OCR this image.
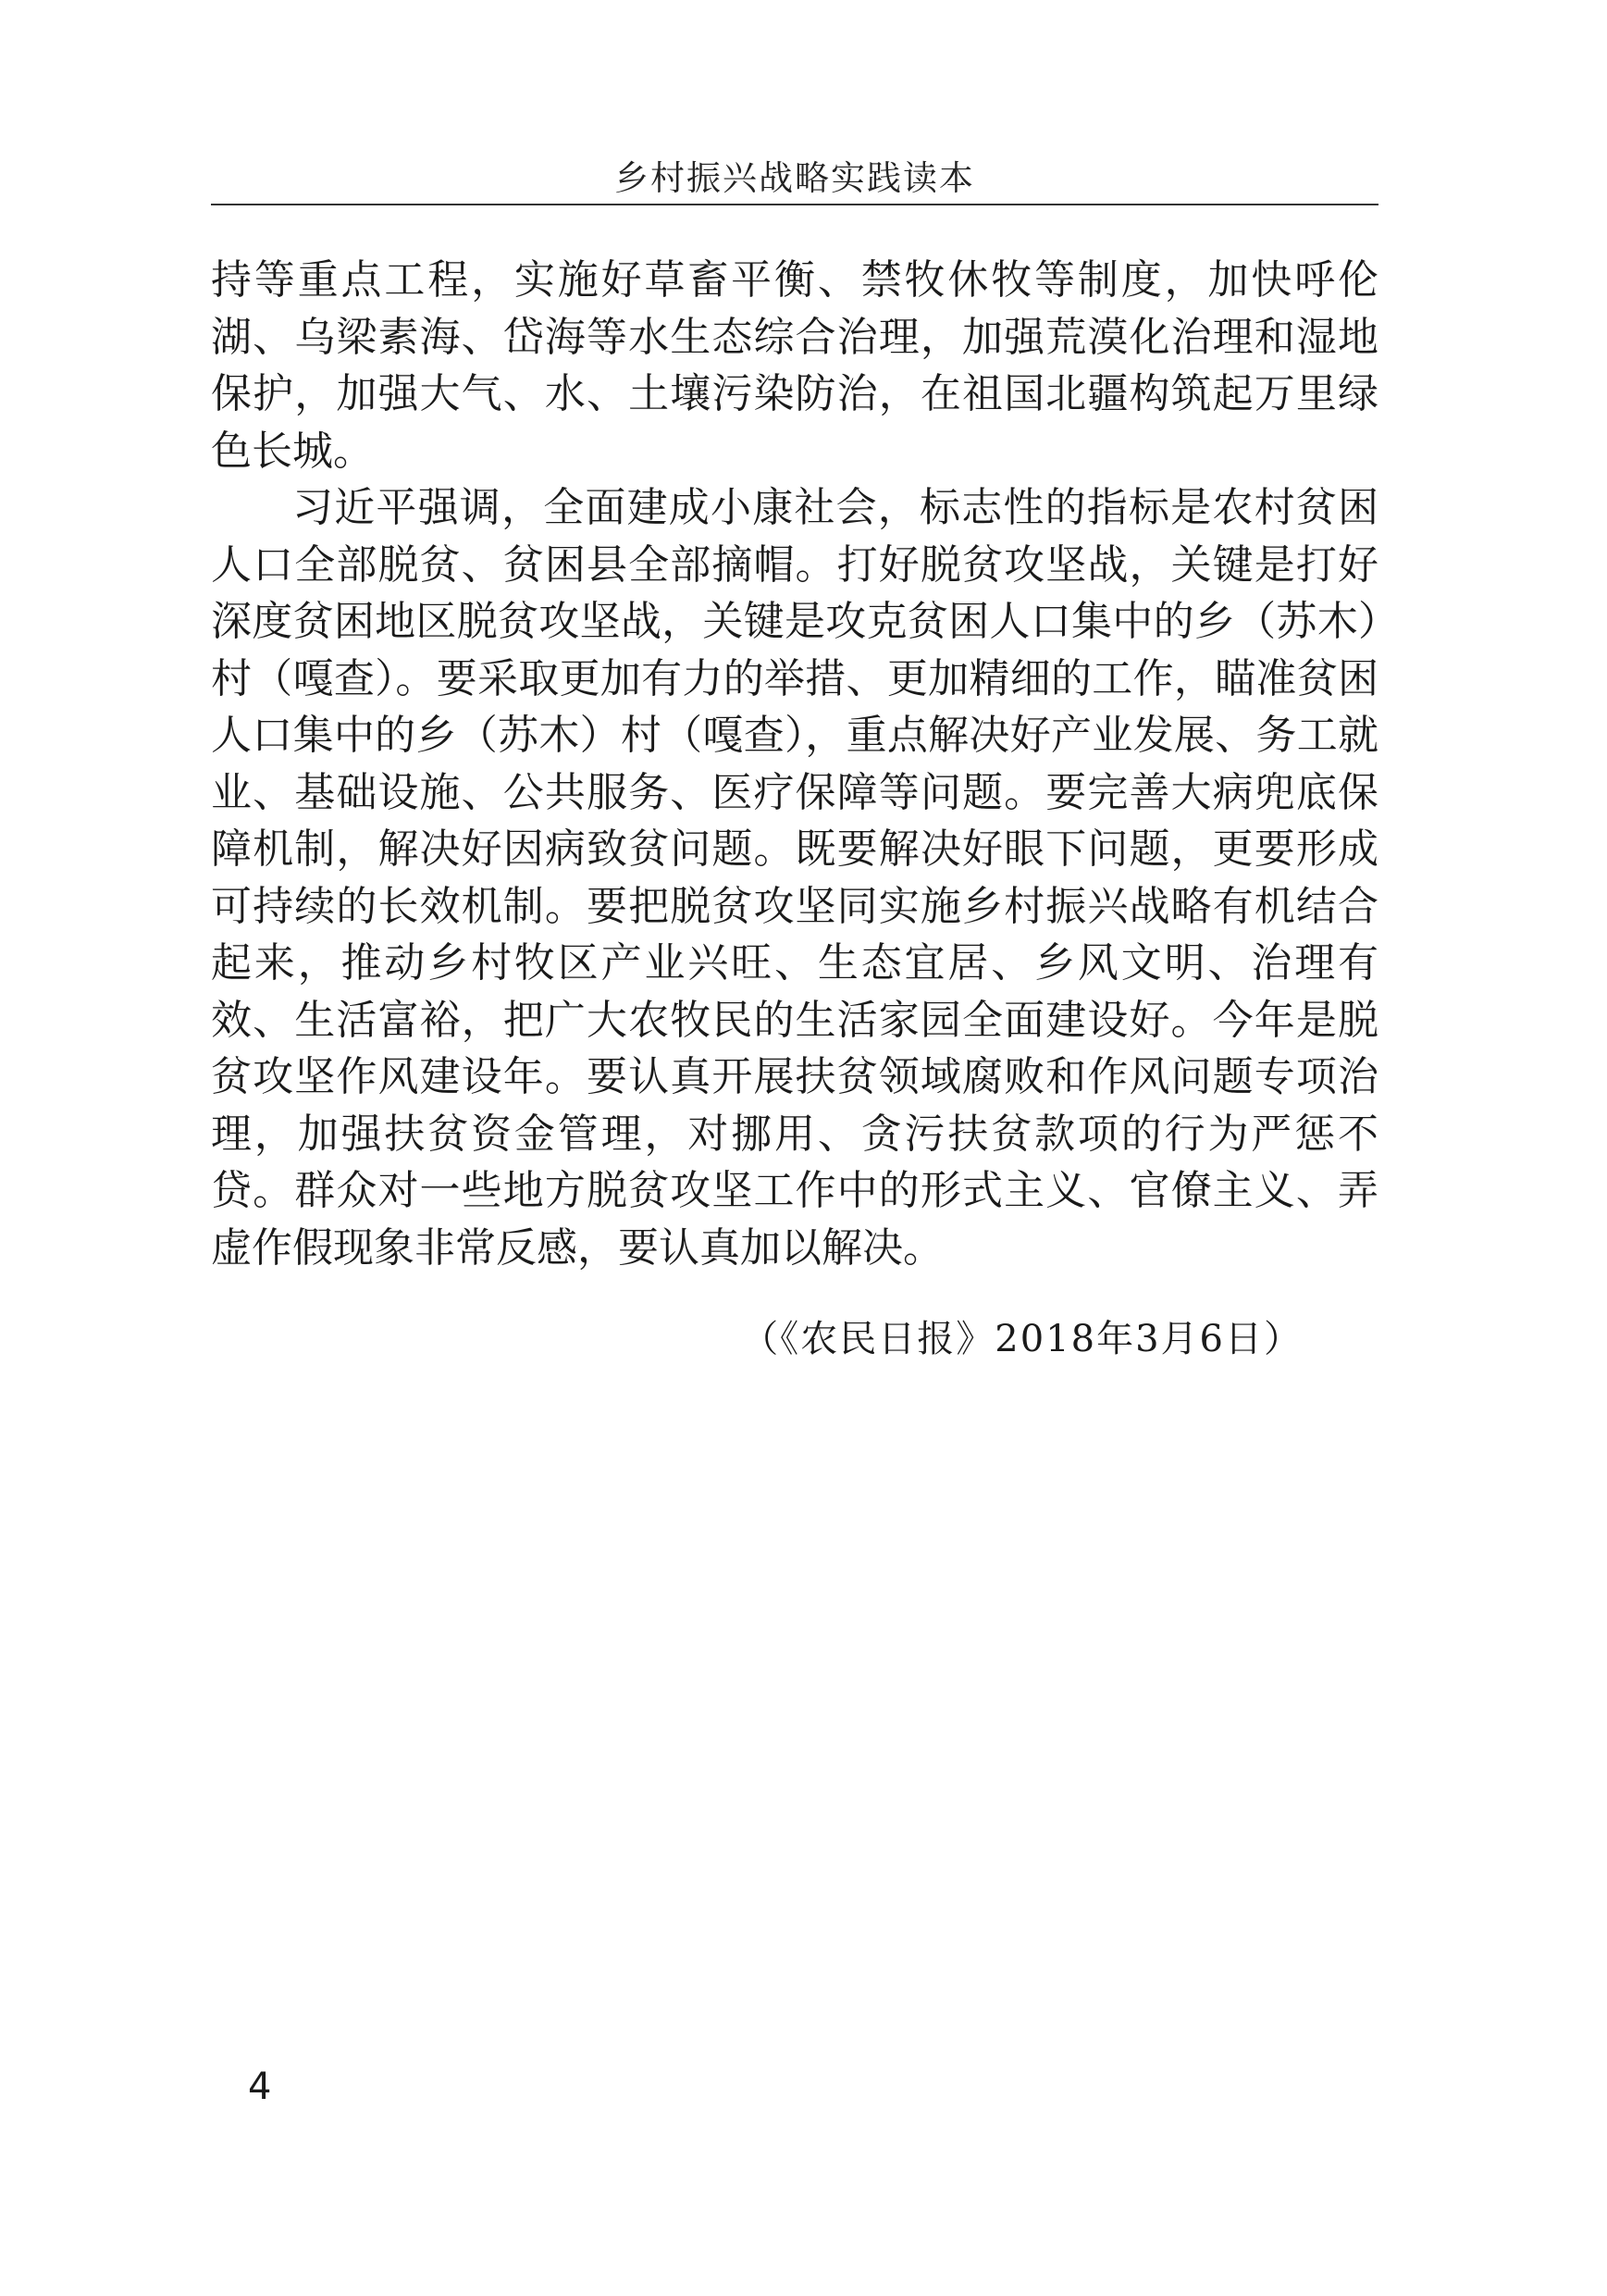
乡村振兴战略实践读本

持等重点工程，实施好草畜平衡、禁牧休牧等制度，加快呼伦湖、乌梁素海、岱海等水生态综合治理，加强荒漠化治理和湿地保护，加强大气、水、土壤污染防治，在祖国北疆构筑起万里绿色长城。

习近平强调，全面建成小康社会，标志性的指标是农村贫困人口全部脱贫、贫困县全部摘帽。打好脱贫攻坚战，关键是打好深度贫困地区脱贫攻坚战，关键是攻克贫困人口集中的乡（苏木）村（嘎查）。要采取更加有力的举措、更加精细的工作，瞄准贫困人口集中的乡（苏木）村（嘎查），重点解决好产业发展、务工就业、基础设施、公共服务、医疗保障等问题。要完善大病兜底保障机制，解决好因病致贫问题。既要解决好眼下问题，更要形成可持续的长效机制。要把脱贫攻坚同实施乡村振兴战略有机结合起来，推动乡村牧区产业兴旺、生态宜居、乡风文明、治理有效、生活富裕，把广大农牧民的生活家园全面建设好。今年是脱贫攻坚作风建设年。要认真开展扶贫领域腐败和作风问题专项治理，加强扶贫资金管理，对挪用、贪污扶贫款项的行为严惩不贷。群众对一些地方脱贫攻坚工作中的形式主义、官僚主义、弄虚作假现象非常反感，要认真加以解决。

（《农民日报》2018年3月6日）
4
